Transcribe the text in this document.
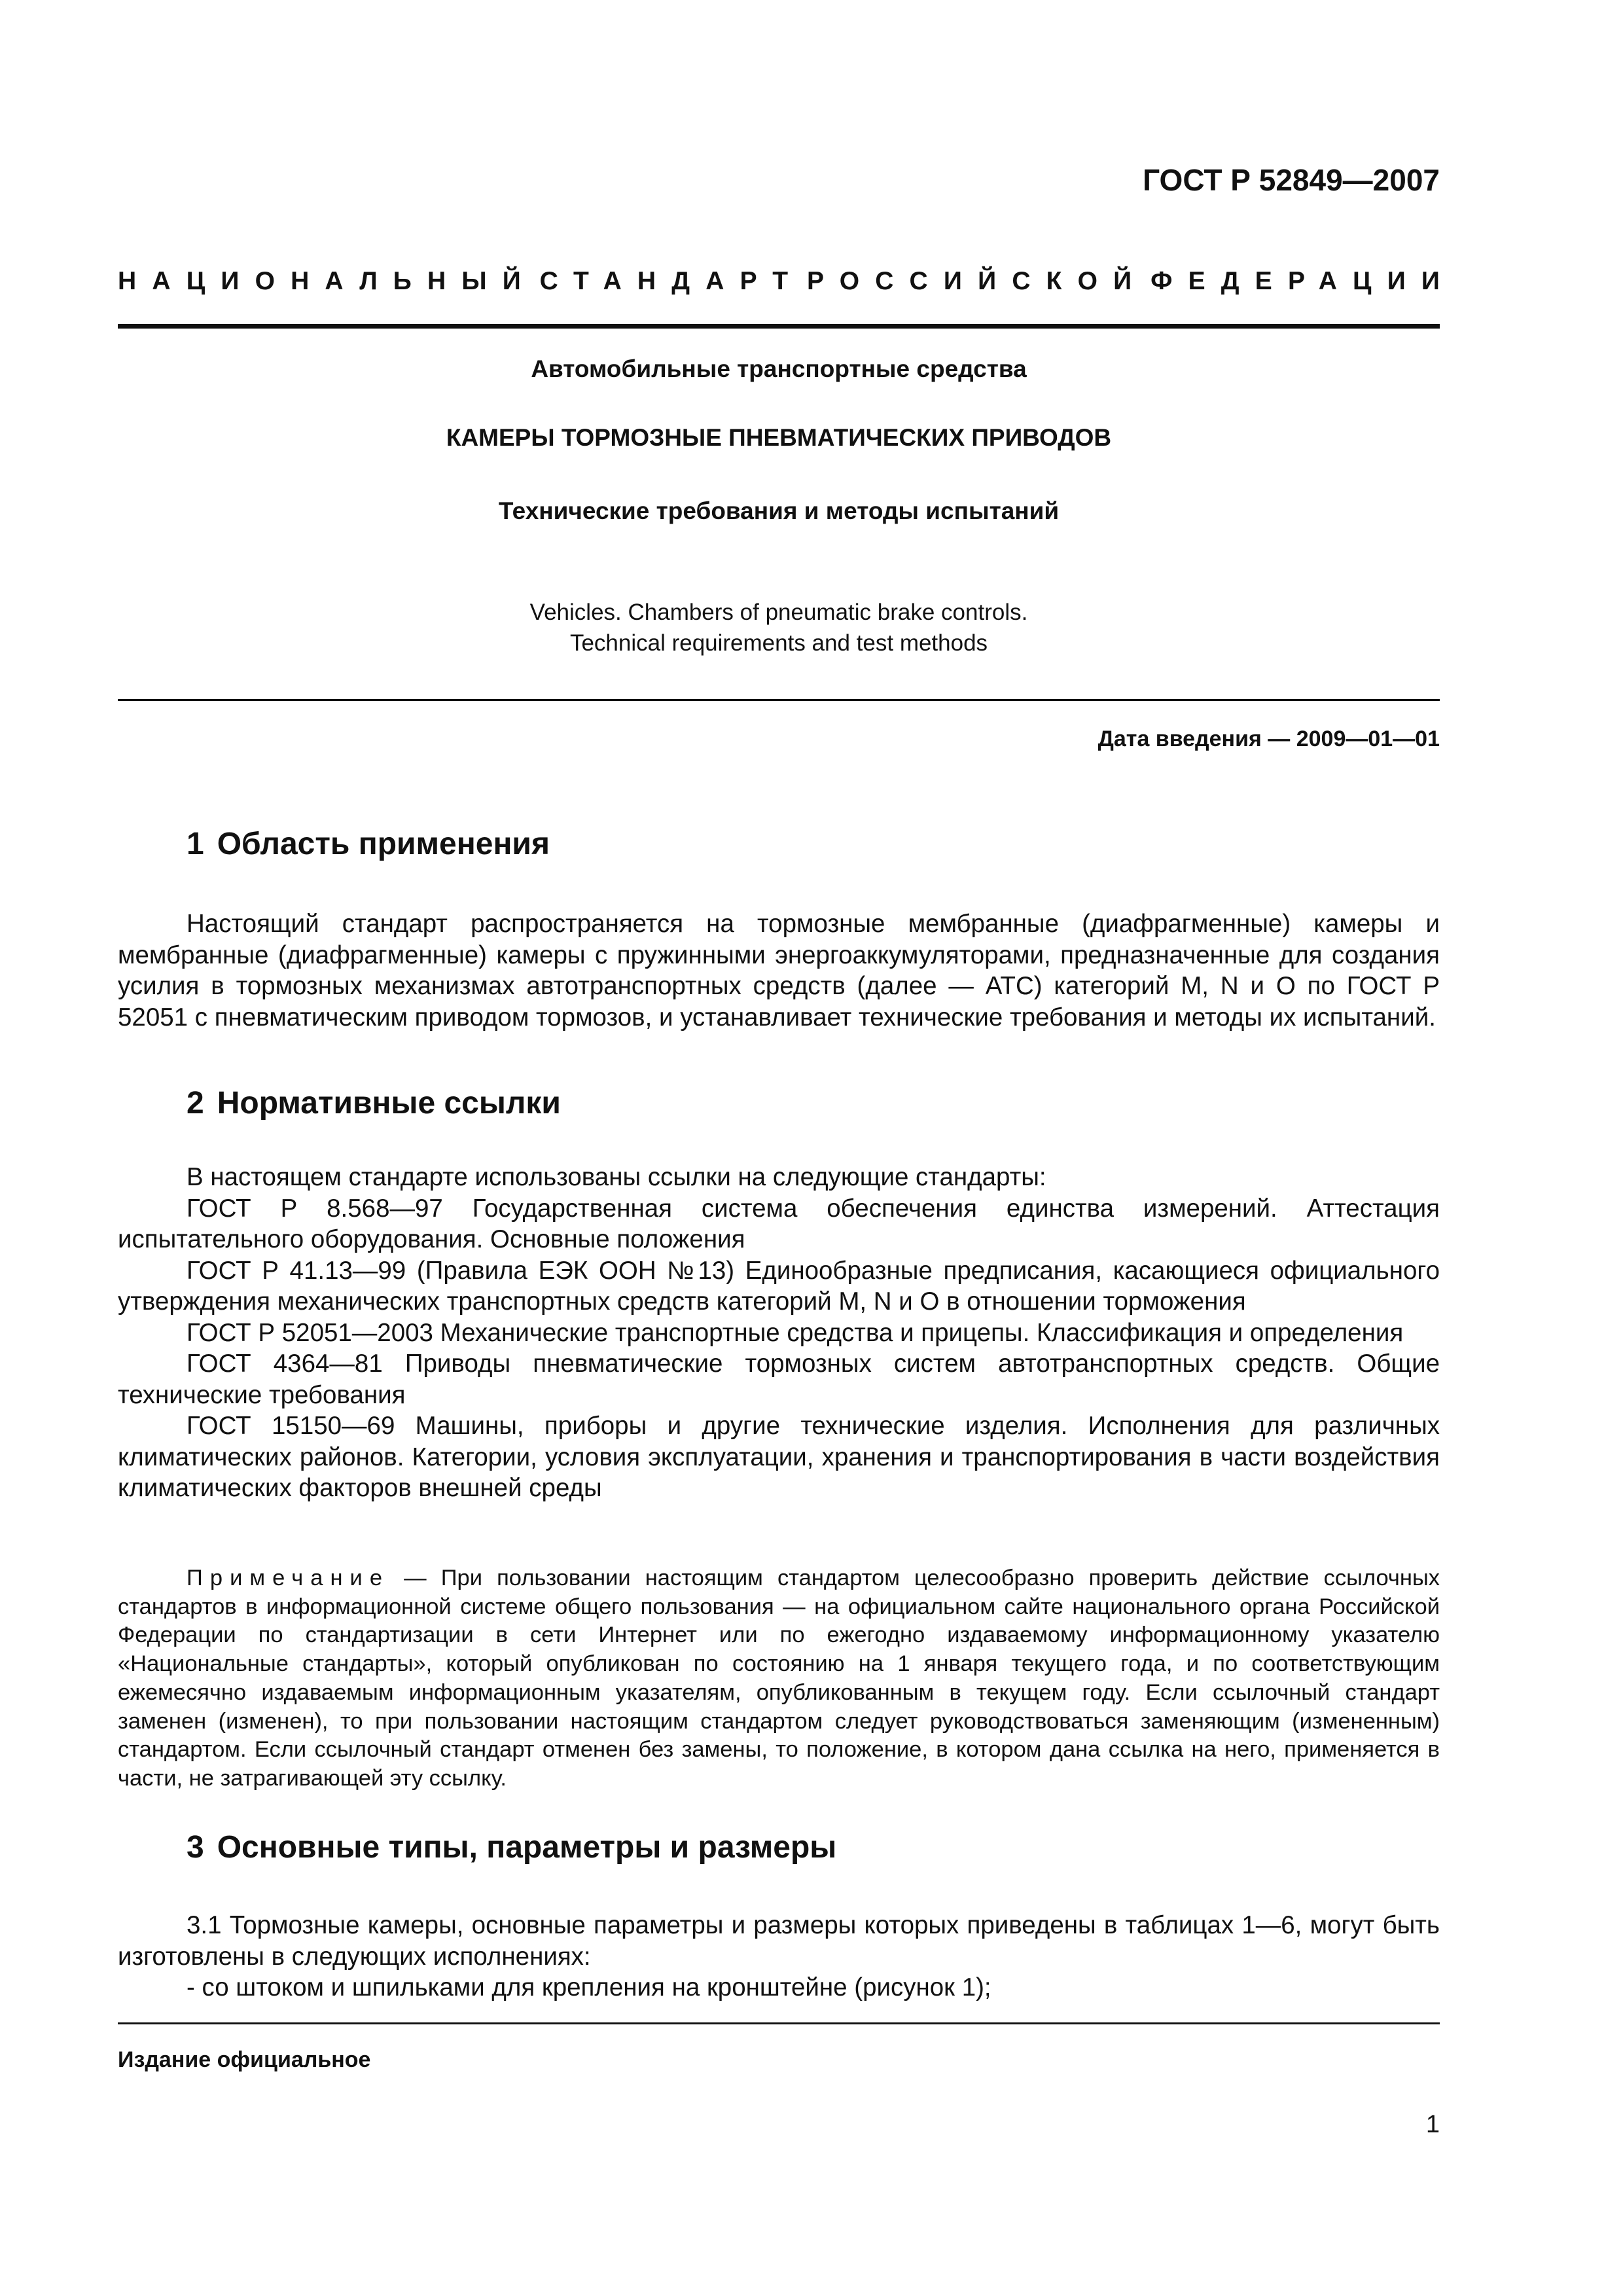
ГОСТ Р 52849—2007
НАЦИОНАЛЬНЫЙ СТАНДАРТ РОССИЙСКОЙ ФЕДЕРАЦИИ
Автомобильные транспортные средства
КАМЕРЫ ТОРМОЗНЫЕ ПНЕВМАТИЧЕСКИХ ПРИВОДОВ
Технические требования и методы испытаний
Vehicles. Chambers of pneumatic brake controls.
Technical requirements and test methods
Дата введения — 2009—01—01
1 Область применения

Настоящий стандарт распространяется на тормозные мембранные (диафрагменные) камеры и мембранные (диафрагменные) камеры с пружинными энергоаккумуляторами, предназначенные для создания усилия в тормозных механизмах автотранспортных средств (далее — АТС) категорий М, N и О по ГОСТ Р 52051 с пневматическим приводом тормозов, и устанавливает технические требования и методы их испытаний.

2 Нормативные ссылки

В настоящем стандарте использованы ссылки на следующие стандарты:

ГОСТ Р 8.568—97 Государственная система обеспечения единства измерений. Аттестация испытательного оборудования. Основные положения

ГОСТ Р 41.13—99 (Правила ЕЭК ООН №13) Единообразные предписания, касающиеся официального утверждения механических транспортных средств категорий М, N и О в отношении торможения

ГОСТ Р 52051—2003 Механические транспортные средства и прицепы. Классификация и определения

ГОСТ 4364—81 Приводы пневматические тормозных систем автотранспортных средств. Общие технические требования

ГОСТ 15150—69 Машины, приборы и другие технические изделия. Исполнения для различных климатических районов. Категории, условия эксплуатации, хранения и транспортирования в части воздействия климатических факторов внешней среды

Примечание — При пользовании настоящим стандартом целесообразно проверить действие ссылочных стандартов в информационной системе общего пользования — на официальном сайте национального органа Российской Федерации по стандартизации в сети Интернет или по ежегодно издаваемому информационному указателю «Национальные стандарты», который опубликован по состоянию на 1 января текущего года, и по соответствующим ежемесячно издаваемым информационным указателям, опубликованным в текущем году. Если ссылочный стандарт заменен (изменен), то при пользовании настоящим стандартом следует руководствоваться заменяющим (измененным) стандартом. Если ссылочный стандарт отменен без замены, то положение, в котором дана ссылка на него, применяется в части, не затрагивающей эту ссылку.

3 Основные типы, параметры и размеры

3.1 Тормозные камеры, основные параметры и размеры которых приведены в таблицах 1—6, могут быть изготовлены в следующих исполнениях:

- со штоком и шпильками для крепления на кронштейне (рисунок 1);

Издание официальное
1
